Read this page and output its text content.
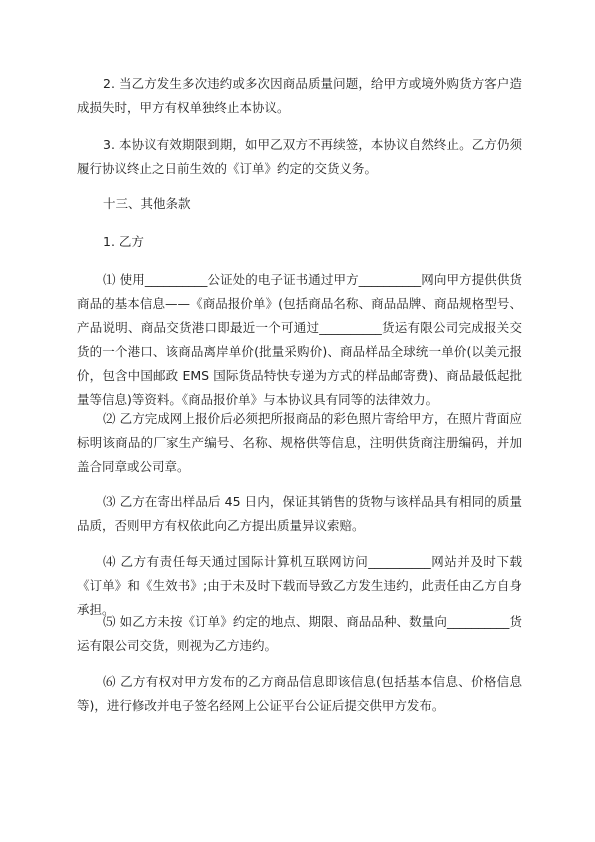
2. 当乙方发生多次违约或多次因商品质量问题，给甲方或境外购货方客户造成损失时，甲方有权单独终止本协议。

3. 本协议有效期限到期，如甲乙双方不再续签，本协议自然终止。乙方仍须履行协议终止之日前生效的《订单》约定的交货义务。

十三、其他条款

1. 乙方

⑴ 使用__________公证处的电子证书通过甲方__________网向甲方提供供货商品的基本信息——《商品报价单》(包括商品名称、商品品牌、商品规格型号、产品说明、商品交货港口即最近一个可通过__________货运有限公司完成报关交货的一个港口、该商品离岸单价(批量采购价)、商品样品全球统一单价(以美元报价，包含中国邮政 EMS 国际货品特快专递为方式的样品邮寄费)、商品最低起批量等信息)等资料。《商品报价单》与本协议具有同等的法律效力。

⑵ 乙方完成网上报价后必须把所报商品的彩色照片寄给甲方，在照片背面应标明该商品的厂家生产编号、名称、规格供等信息，注明供货商注册编码，并加盖合同章或公司章。

⑶ 乙方在寄出样品后 45 日内，保证其销售的货物与该样品具有相同的质量品质，否则甲方有权依此向乙方提出质量异议索赔。

⑷ 乙方有责任每天通过国际计算机互联网访问__________网站并及时下载《订单》和《生效书》;由于未及时下载而导致乙方发生违约，此责任由乙方自身承担。

⑸ 如乙方未按《订单》约定的地点、期限、商品品种、数量向__________货运有限公司交货，则视为乙方违约。

⑹ 乙方有权对甲方发布的乙方商品信息即该信息(包括基本信息、价格信息等)，进行修改并电子签名经网上公证平台公证后提交供甲方发布。
